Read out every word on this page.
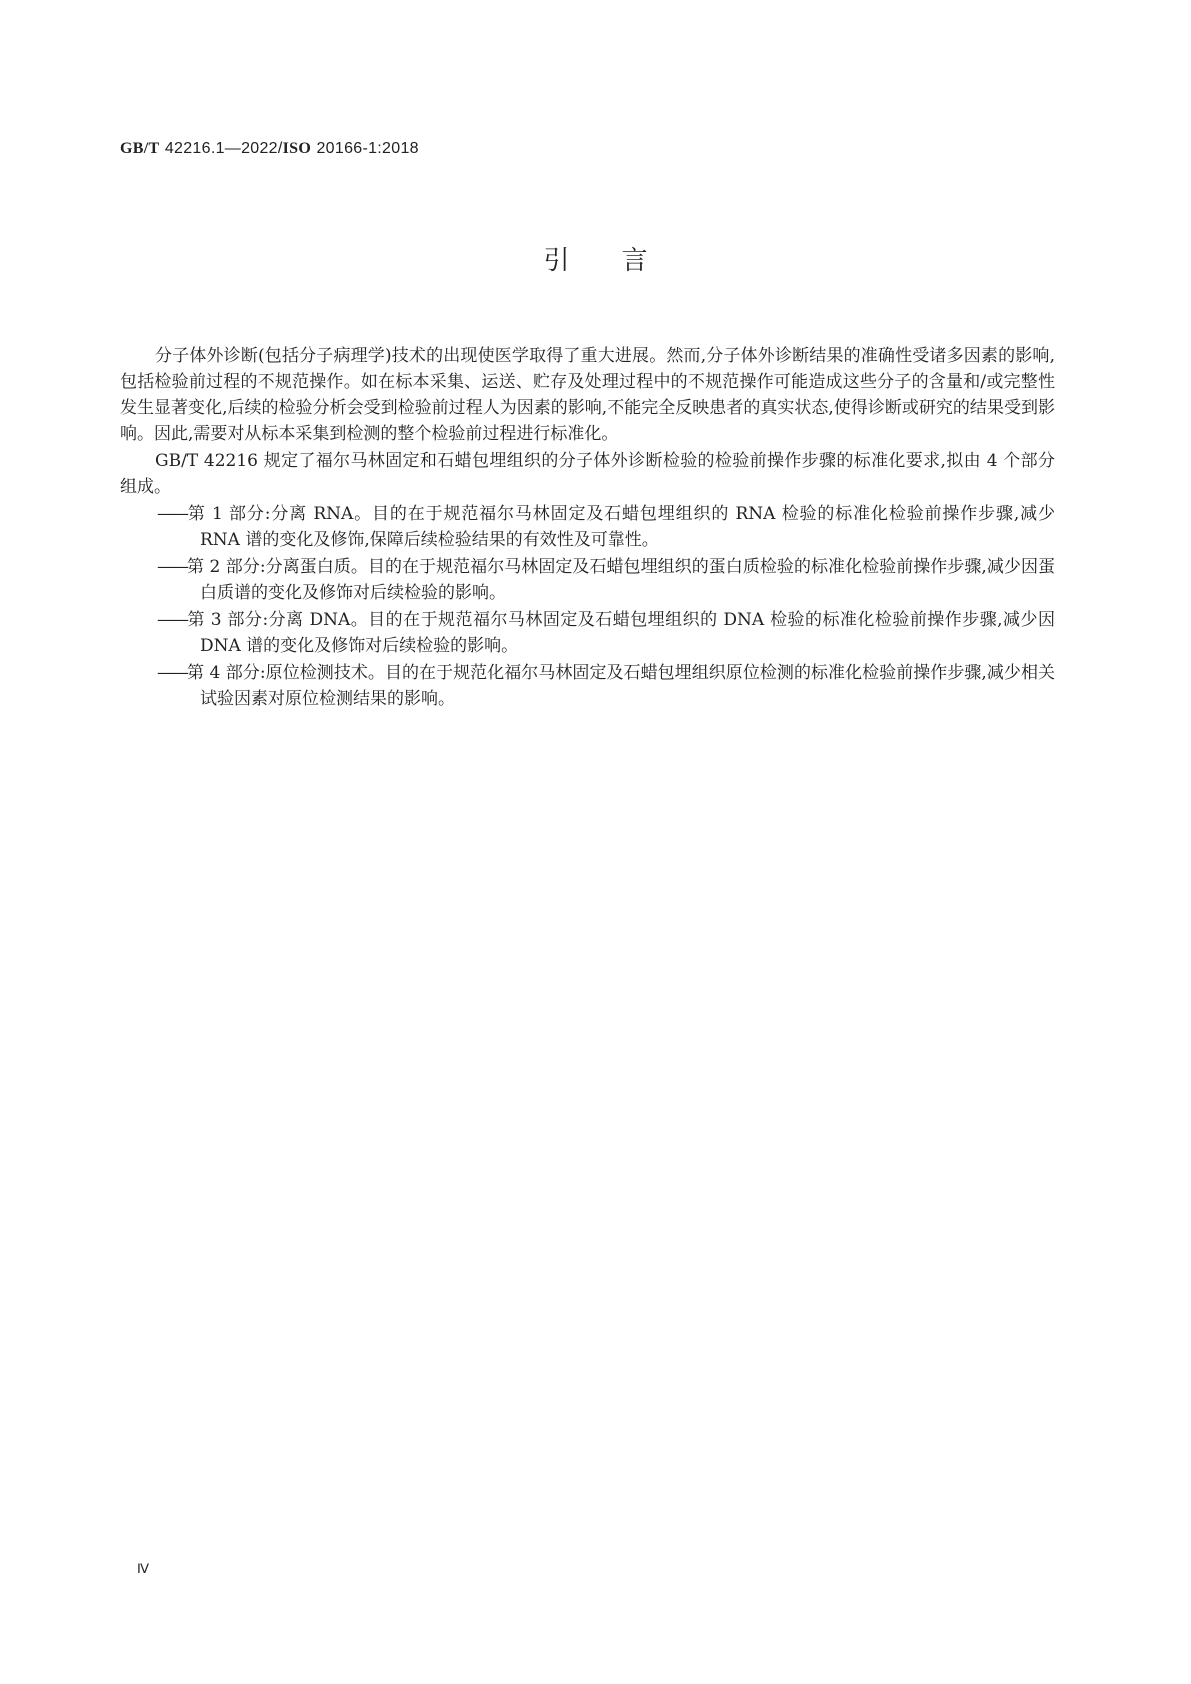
GB/T 42216.1—2022/ISO 20166-1:2018
引言

分子体外诊断(包括分子病理学)技术的出现使医学取得了重大进展。然而,分子体外诊断结果的准确性受诸多因素的影响,包括检验前过程的不规范操作。如在标本采集、运送、贮存及处理过程中的不规范操作可能造成这些分子的含量和/或完整性发生显著变化,后续的检验分析会受到检验前过程人为因素的影响,不能完全反映患者的真实状态,使得诊断或研究的结果受到影响。因此,需要对从标本采集到检测的整个检验前过程进行标准化。

GB/T 42216 规定了福尔马林固定和石蜡包埋组织的分子体外诊断检验的检验前操作步骤的标准化要求,拟由 4 个部分组成。

——第 1 部分:分离 RNA。目的在于规范福尔马林固定及石蜡包埋组织的 RNA 检验的标准化检验前操作步骤,减少 RNA 谱的变化及修饰,保障后续检验结果的有效性及可靠性。

——第 2 部分:分离蛋白质。目的在于规范福尔马林固定及石蜡包埋组织的蛋白质检验的标准化检验前操作步骤,减少因蛋白质谱的变化及修饰对后续检验的影响。

——第 3 部分:分离 DNA。目的在于规范福尔马林固定及石蜡包埋组织的 DNA 检验的标准化检验前操作步骤,减少因 DNA 谱的变化及修饰对后续检验的影响。

——第 4 部分:原位检测技术。目的在于规范化福尔马林固定及石蜡包埋组织原位检测的标准化检验前操作步骤,减少相关试验因素对原位检测结果的影响。

Ⅳ
